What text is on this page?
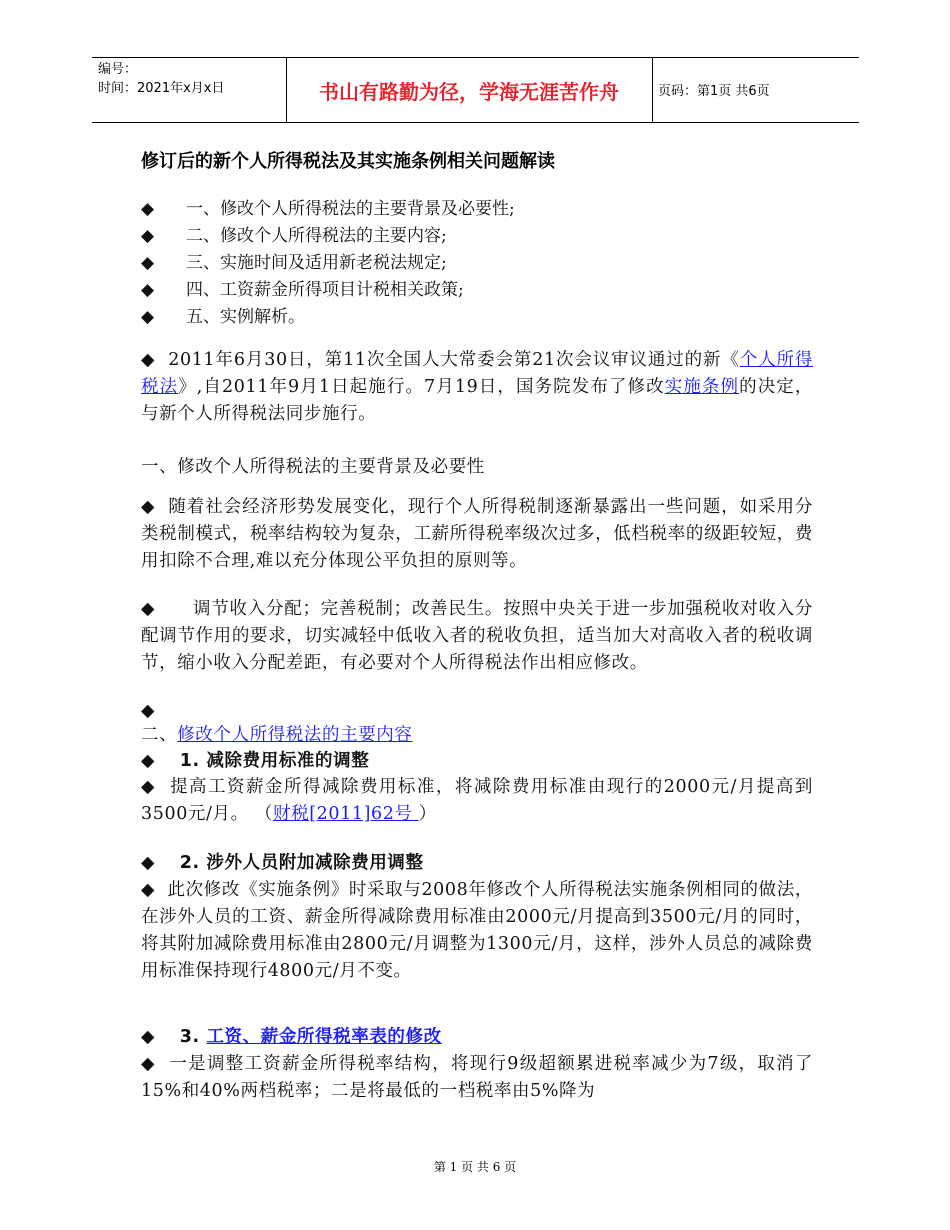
编号：
时间：2021年x月x日	书山有路勤为径，学海无涯苦作舟	页码：第1页 共6页
修订后的新个人所得税法及其实施条例相关问题解读
◆	一、修改个人所得税法的主要背景及必要性;
◆	二、修改个人所得税法的主要内容;
◆	三、实施时间及适用新老税法规定;
◆	四、工资薪金所得项目计税相关政策;
◆	五、实例解析。
◆ 2011年6月30日，第11次全国人大常委会第21次会议审议通过的新《个人所得税法》,自2011年9月1日起施行。7月19日，国务院发布了修改实施条例的决定，与新个人所得税法同步施行。
一、修改个人所得税法的主要背景及必要性
◆ 随着社会经济形势发展变化，现行个人所得税制逐渐暴露出一些问题，如采用分类税制模式，税率结构较为复杂，工薪所得税率级次过多，低档税率的级距较短，费用扣除不合理,难以充分体现公平负担的原则等。
◆ 调节收入分配；完善税制；改善民生。按照中央关于进一步加强税收对收入分配调节作用的要求，切实减轻中低收入者的税收负担，适当加大对高收入者的税收调节，缩小收入分配差距，有必要对个人所得税法作出相应修改。
◆
二、修改个人所得税法的主要内容
◆ 1. 减除费用标准的调整
◆ 提高工资薪金所得减除费用标准，将减除费用标准由现行的2000元/月提高到3500元/月。 （财税[2011]62号 ）
◆ 2. 涉外人员附加减除费用调整
◆ 此次修改《实施条例》时采取与2008年修改个人所得税法实施条例相同的做法，在涉外人员的工资、薪金所得减除费用标准由2000元/月提高到3500元/月的同时，将其附加减除费用标准由2800元/月调整为1300元/月，这样，涉外人员总的减除费用标准保持现行4800元/月不变。
◆ 3. 工资、薪金所得税率表的修改
◆ 一是调整工资薪金所得税率结构，将现行9级超额累进税率减少为7级，取消了15%和40%两档税率；二是将最低的一档税率由5%降为
第 1 页 共 6 页
